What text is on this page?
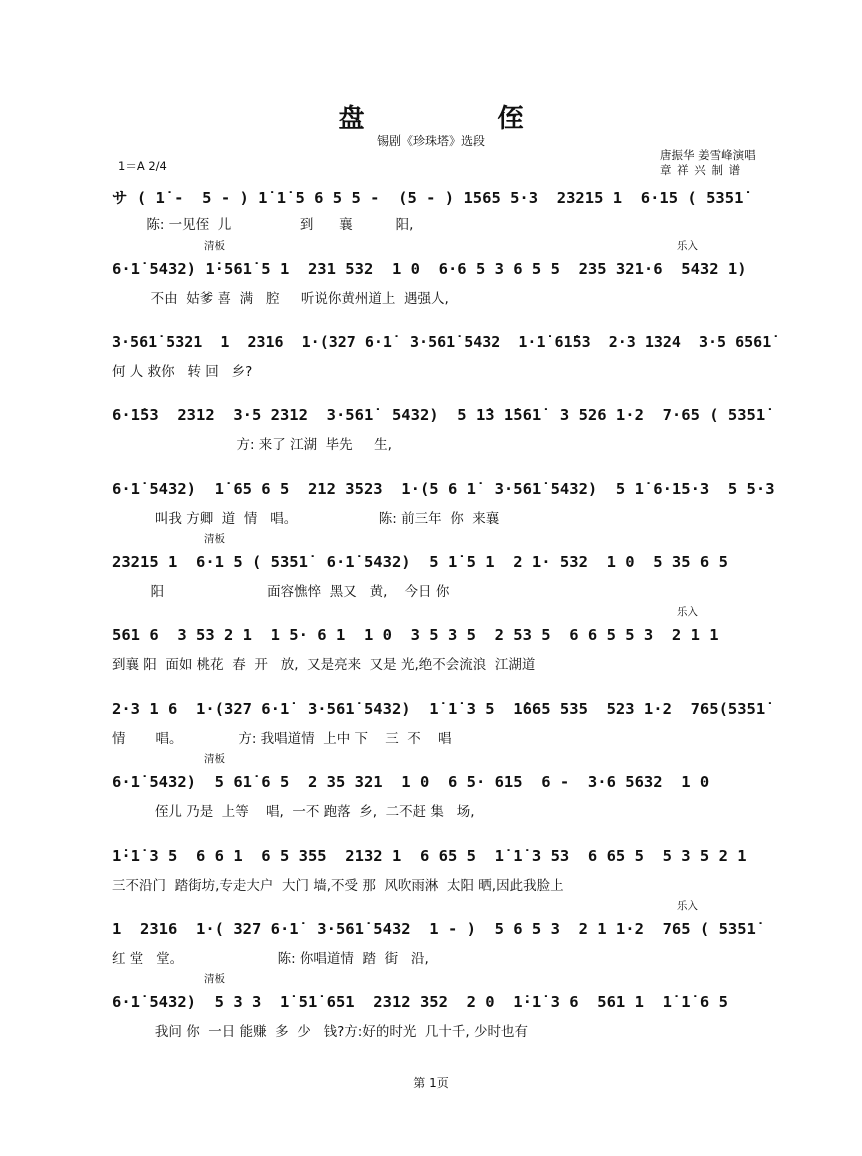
盘 侄
锡剧《珍珠塔》选段
唐振华 姜雪峰演唱
章 祥 兴 制 谱
1＝A 2/4
サ ( 1̇ -  5 - ) 1̇ 1̇ 5 6 5 5 -  (5 - ) 1565 5·3  23215 1  6·15 ( 5351̇
陈: 一见侄  儿                到      襄          阳,
6·1̇ 5432) 1̇·561̇ 5 1  231 532  1 0  6·6 5 3 6 5 5  235 321·6  5432 1)
不由  姑爹 喜  满   腔     听说你黄州道上  遇强人,
清板	乐入
3·561̇ 5321  1  2316  1·(327 6·1̇  3·561̇ 5432  1·1̇ 61̇53  2·3 1324  3·5 6561̇
何 人 救你   转 回   乡?
6·1̇53  2312  3·5 2312  3·561̇  5432)  5 1̇3 1̇561̇  3 526 1·2  7·65 ( 5351̇
方: 来了 江湖  毕先     生,
6·1̇ 5432)  1̇ 65 6 5  212 3523  1·(5 6 1̇  3·561̇ 5432)  5 1̇ 6·15·3  5 5·3
叫我 方卿  道  情   唱。                   陈: 前三年  你  来襄
23215 1  6·1 5 ( 5351̇  6·1̇ 5432)  5 1̇ 5 1  2 1· 532  1 0  5 35 6 5
阳                        面容憔悴  黑又   黄,    今日 你
清板
561 6  3 53 2 1  1 5· 6 1  1 0  3 5 3 5  2 53 5  6 6 5 5 3  2 1 1
到襄 阳  面如 桃花  春  开   放,  又是亮来  又是 光,绝不会流浪  江湖道
乐入
2·3 1 6  1·(327 6·1̇  3·561̇ 5432)  1̇ 1̇ 3 5  1̇665 535  523 1·2  765(5351̇
情       唱。             方: 我唱道情  上中 下    三  不    唱
6·1̇ 5432)  5 61̇ 6 5  2 35 321  1 0  6 5· 615  6 -  3·6 5632  1 0
侄儿 乃是  上等    唱,  一不 跑落  乡,  二不赶 集   场,
清板
1̇·1̇ 3 5  6 6 1  6 5 355  2132 1  6 65 5  1̇ 1̇ 3 53  6 65 5  5 3 5 2 1
三不沿门  踏街坊,专走大户  大门 墙,不受 那  风吹雨淋  太阳 晒,因此我脸上
1  2316  1·( 327 6·1̇  3·561̇ 5432  1 - )  5 6 5 3  2 1 1·2  765 ( 5351̇
红 堂   堂。                      陈: 你唱道情  踏  街   沿,
乐入
6·1̇ 5432)  5 3 3  1̇ 51̇ 651  2312 352  2 0  1̇·1̇ 3 6  561 1  1̇ 1̇ 6 5
我问 你  一日 能赚  多  少   钱?方:好的时光  几十千, 少时也有
清板
第 1页
